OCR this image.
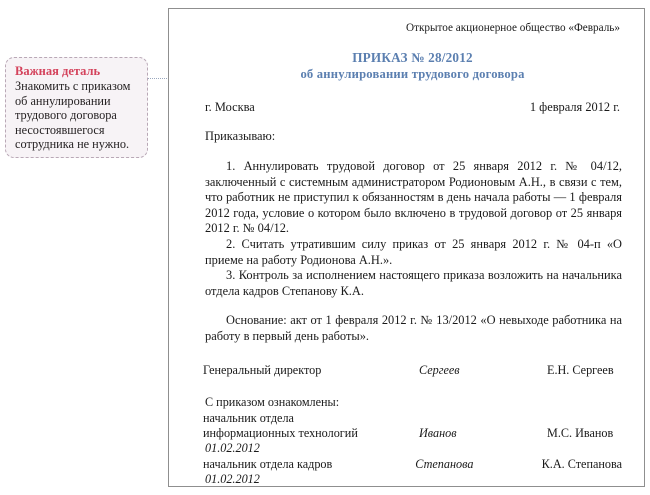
Важная деталь
Знакомить с приказом об аннулировании трудового договора несостоявшегося сотрудника не нужно.
Открытое акционерное общество «Февраль»
ПРИКАЗ № 28/2012
об аннулировании трудового договора
г. Москва	1 февраля 2012 г.
Приказываю:

1. Аннулировать трудовой договор от 25 января 2012 г. № 04/12, заключенный с системным администратором Родионовым А.Н., в связи с тем, что работник не приступил к обязанностям в день начала работы — 1 февраля 2012 года, условие о котором было включено в трудовой договор от 25 января 2012 г. № 04/12.

2. Считать утратившим силу приказ от 25 января 2012 г. № 04-п «О приеме на работу Родионова А.Н.».

3. Контроль за исполнением настоящего приказа возложить на начальника отдела кадров Степанову К.А.

Основание: акт от 1 февраля 2012 г. № 13/2012 «О невыходе работника на работу в первый день работы».

Генеральный директор	Сергеев	Е.Н. Сергеев
С приказом ознакомлены:
начальник отдела		
информационных технологий	Иванов	М.С. Иванов
01.02.2012
начальник отдела кадров	Степанова	К.А. Степанова
01.02.2012
